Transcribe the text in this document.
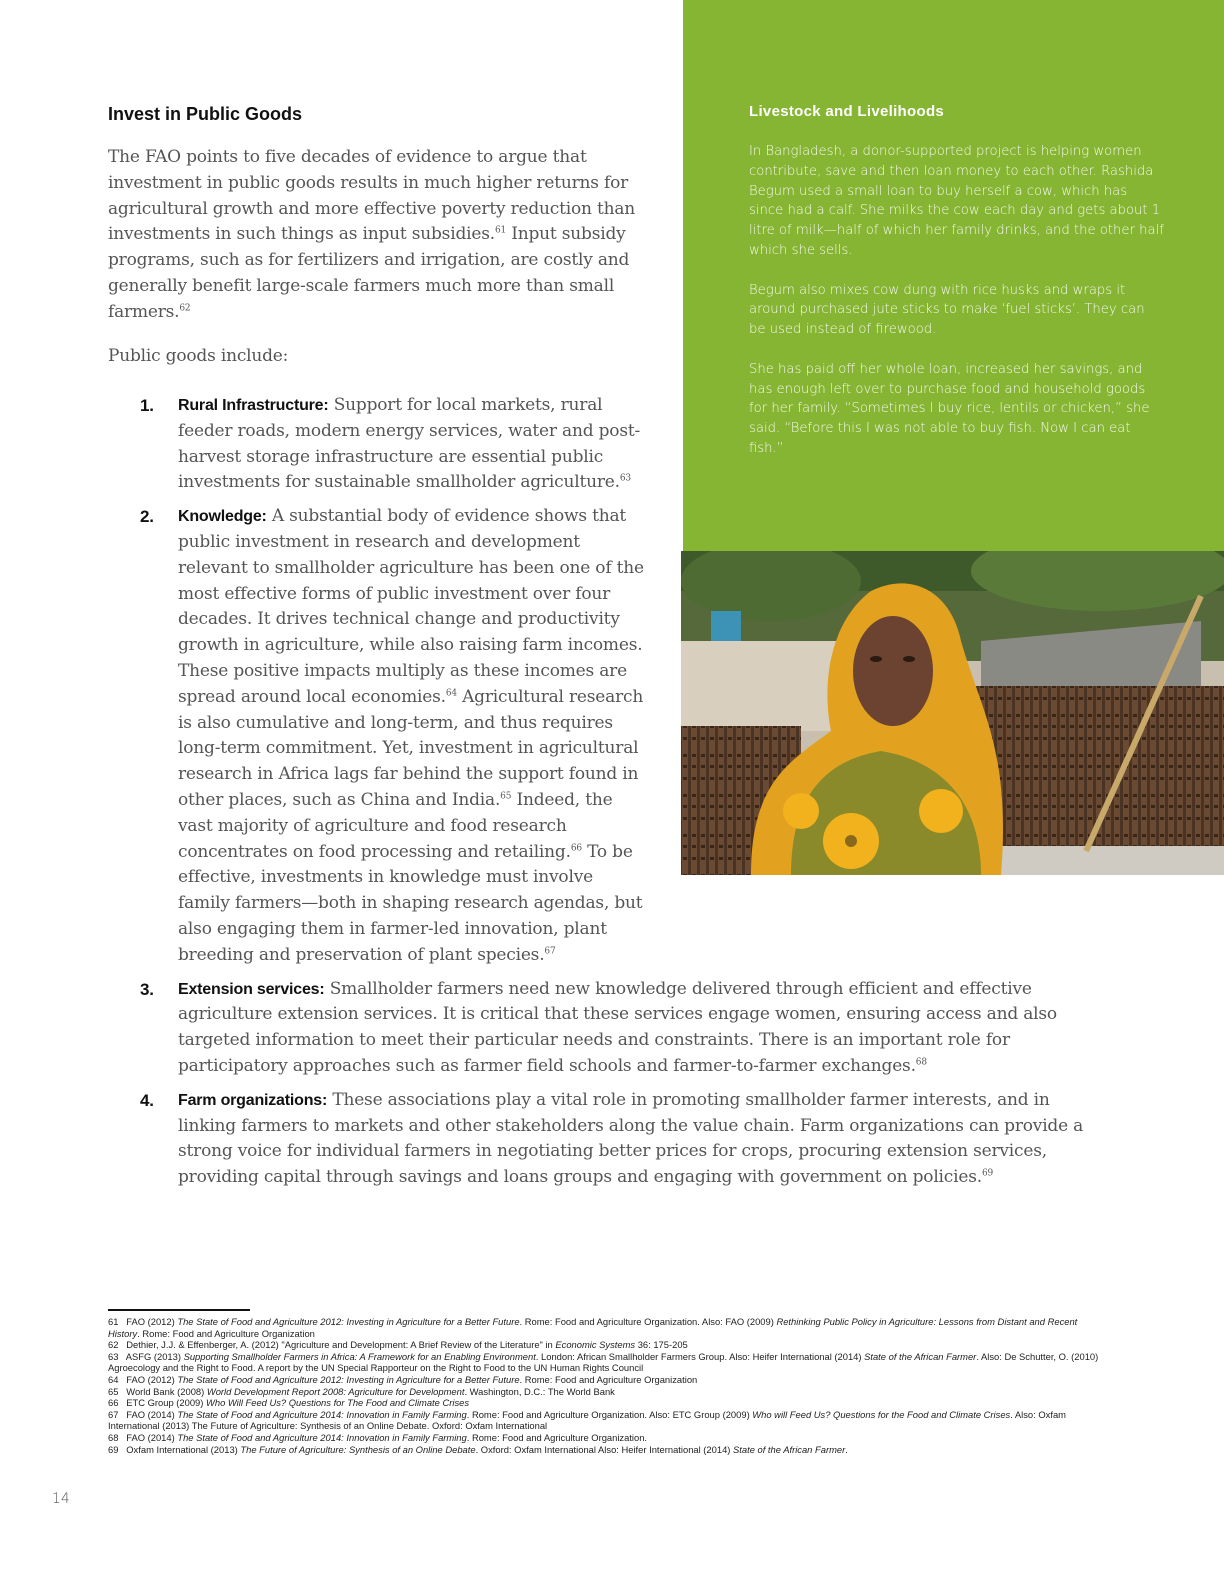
Invest in Public Goods

The FAO points to five decades of evidence to argue that investment in public goods results in much higher returns for agricultural growth and more effective poverty reduction than investments in such things as input subsidies.$^{61}$ Input subsidy programs, such as for fertilizers and irrigation, are costly and generally benefit large-scale farmers much more than small farmers.$^{62}$

Public goods include:

1. Rural Infrastructure: Support for local markets, rural feeder roads, modern energy services, water and post-harvest storage infrastructure are essential public investments for sustainable smallholder agriculture.$^{63}$
2. Knowledge: A substantial body of evidence shows that public investment in research and development relevant to smallholder agriculture has been one of the most effective forms of public investment over four decades. It drives technical change and productivity growth in agriculture, while also raising farm incomes. These positive impacts multiply as these incomes are spread around local economies.$^{64}$ Agricultural research is also cumulative and long-term, and thus requires long-term commitment. Yet, investment in agricultural research in Africa lags far behind the support found in other places, such as China and India.$^{65}$ Indeed, the vast majority of agriculture and food research concentrates on food processing and retailing.$^{66}$ To be effective, investments in knowledge must involve family farmers—both in shaping research agendas, but also engaging them in farmer-led innovation, plant breeding and preservation of plant species.$^{67}$
3. Extension services: Smallholder farmers need new knowledge delivered through efficient and effective agriculture extension services. It is critical that these services engage women, ensuring access and also targeted information to meet their particular needs and constraints. There is an important role for participatory approaches such as farmer field schools and farmer-to-farmer exchanges.$^{68}$
4. Farm organizations: These associations play a vital role in promoting smallholder farmer interests, and in linking farmers to markets and other stakeholders along the value chain. Farm organizations can provide a strong voice for individual farmers in negotiating better prices for crops, procuring extension services, providing capital through savings and loans groups and engaging with government on policies.$^{69}$
Livestock and Livelihoods

In Bangladesh, a donor-supported project is helping women contribute, save and then loan money to each other. Rashida Begum used a small loan to buy herself a cow, which has since had a calf. She milks the cow each day and gets about 1 litre of milk—half of which her family drinks, and the other half which she sells.

Begum also mixes cow dung with rice husks and wraps it around purchased jute sticks to make ‘fuel sticks’. They can be used instead of firewood.

She has paid off her whole loan, increased her savings, and has enough left over to purchase food and household goods for her family. “Sometimes I buy rice, lentils or chicken,” she said. “Before this I was not able to buy fish. Now I can eat fish.”

61 FAO (2012) The State of Food and Agriculture 2012: Investing in Agriculture for a Better Future. Rome: Food and Agriculture Organization. Also: FAO (2009) Rethinking Public Policy in Agriculture: Lessons from Distant and Recent History. Rome: Food and Agriculture Organization
62 Dethier, J.J. & Effenberger, A. (2012) "Agriculture and Development: A Brief Review of the Literature" in Economic Systems 36: 175-205
63 ASFG (2013) Supporting Smallholder Farmers in Africa: A Framework for an Enabling Environment. London: African Smallholder Farmers Group. Also: Heifer International (2014) State of the African Farmer. Also: De Schutter, O. (2010) Agroecology and the Right to Food. A report by the UN Special Rapporteur on the Right to Food to the UN Human Rights Council
64 FAO (2012) The State of Food and Agriculture 2012: Investing in Agriculture for a Better Future. Rome: Food and Agriculture Organization
65 World Bank (2008) World Development Report 2008: Agriculture for Development. Washington, D.C.: The World Bank
66 ETC Group (2009) Who Will Feed Us? Questions for The Food and Climate Crises
67 FAO (2014) The State of Food and Agriculture 2014: Innovation in Family Farming. Rome: Food and Agriculture Organization. Also: ETC Group (2009) Who will Feed Us? Questions for the Food and Climate Crises. Also: Oxfam International (2013) The Future of Agriculture: Synthesis of an Online Debate. Oxford: Oxfam International
68 FAO (2014) The State of Food and Agriculture 2014: Innovation in Family Farming. Rome: Food and Agriculture Organization.
69 Oxfam International (2013) The Future of Agriculture: Synthesis of an Online Debate. Oxford: Oxfam International Also: Heifer International (2014) State of the African Farmer.
14
